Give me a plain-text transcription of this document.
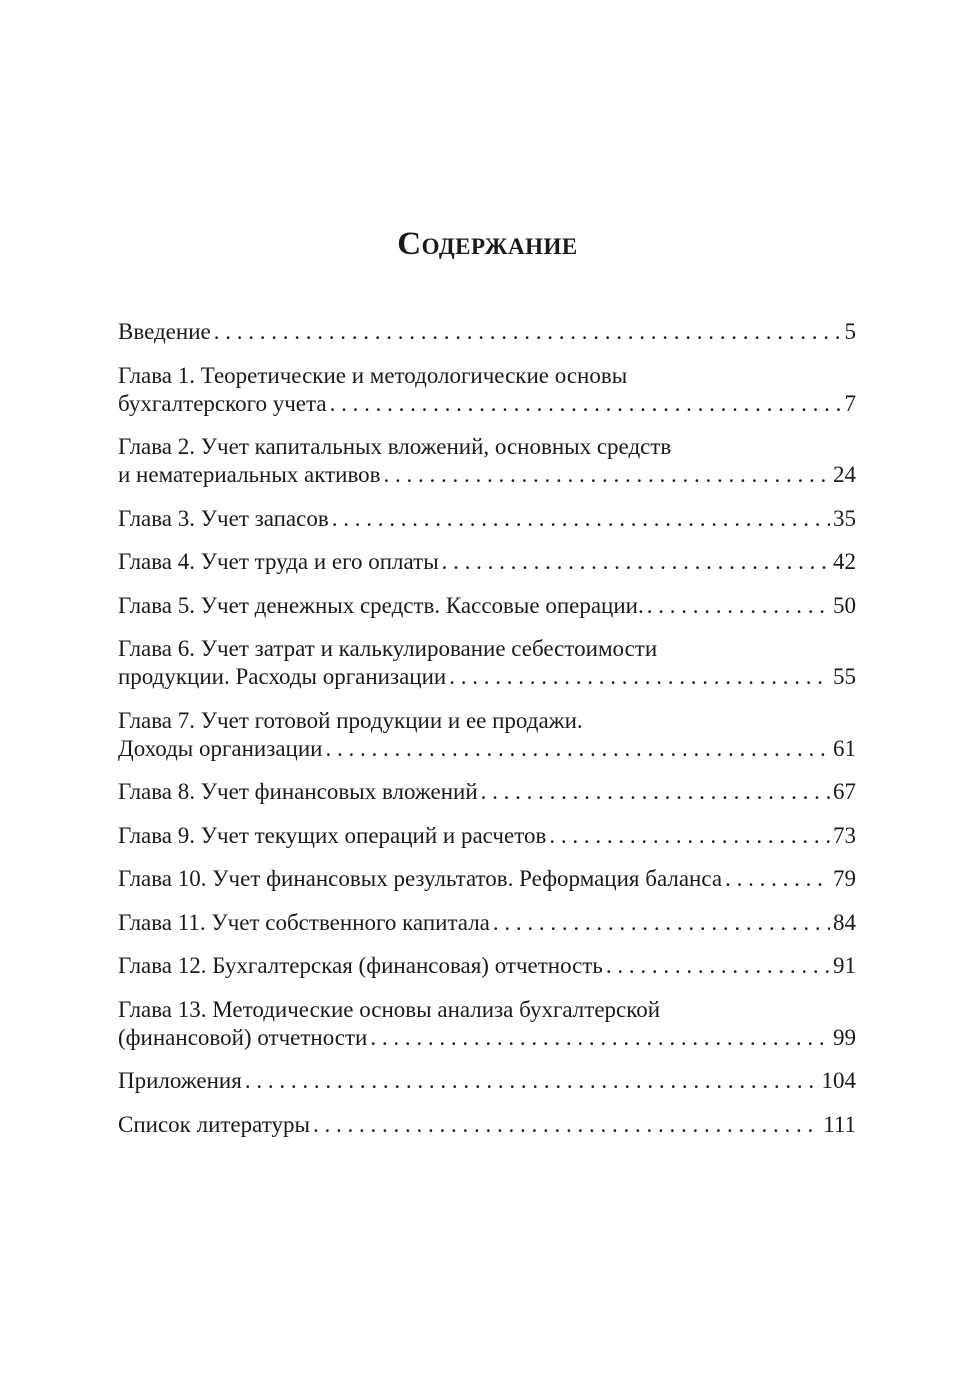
Содержание
Введение . . .	5
Глава 1. Теоретические и методологические основы
бухгалтерского учета . . .	7
Глава 2. Учет капитальных вложений, основных средств
и нематериальных активов . . .	24
Глава 3. Учет запасов . . .	35
Глава 4. Учет труда и его оплаты . . .	42
Глава 5. Учет денежных средств. Кассовые операции. . . .	50
Глава 6. Учет затрат и калькулирование себестоимости
продукции. Расходы организации . . .	55
Глава 7. Учет готовой продукции и ее продажи.
Доходы организации . . .	61
Глава 8. Учет финансовых вложений . . .	67
Глава 9. Учет текущих операций и расчетов . . .	73
Глава 10. Учет финансовых результатов. Реформация баланса . . .	79
Глава 11. Учет собственного капитала . . .	84
Глава 12. Бухгалтерская (финансовая) отчетность . . .	91
Глава 13. Методические основы анализа бухгалтерской
(финансовой) отчетности . . .	99
Приложения . . .	104
Список литературы . . .	111
